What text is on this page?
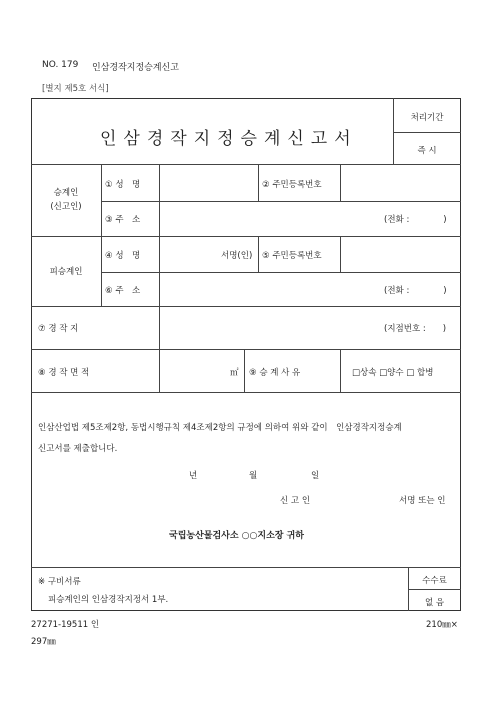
NO. 179 인삼경작지정승계신고
[별지 제5호 서식]
인삼경작지정승계신고서
처리기간
즉 시
승계인
(신고인)
① 성　명	② 주민등록번호
③ 주　소	(전화 :　　　　)
피승계인
④ 성　명	서명(인) ⑤ 주민등록번호
⑥ 주　소	(전화 :　　　　)
⑦ 경 작 지	(지점번호 :　　)
⑧ 경 작 면 적	㎡ ⑨ 승 계 사 유	□상속 □양수 □ 합병
인삼산업법 제5조제2항, 동법시행규칙 제4조제2항의 규정에 의하여 위와 같이　인삼경작지정승계
신고서를 제출합니다.
년	월	일
신 고 인	서명 또는 인
국립농산물검사소 ○○지소장 귀하
※ 구비서류
피승계인의 인삼경작지정서 1부.
수수료
없 음
27271-19511 인	210㎜×
297㎜
